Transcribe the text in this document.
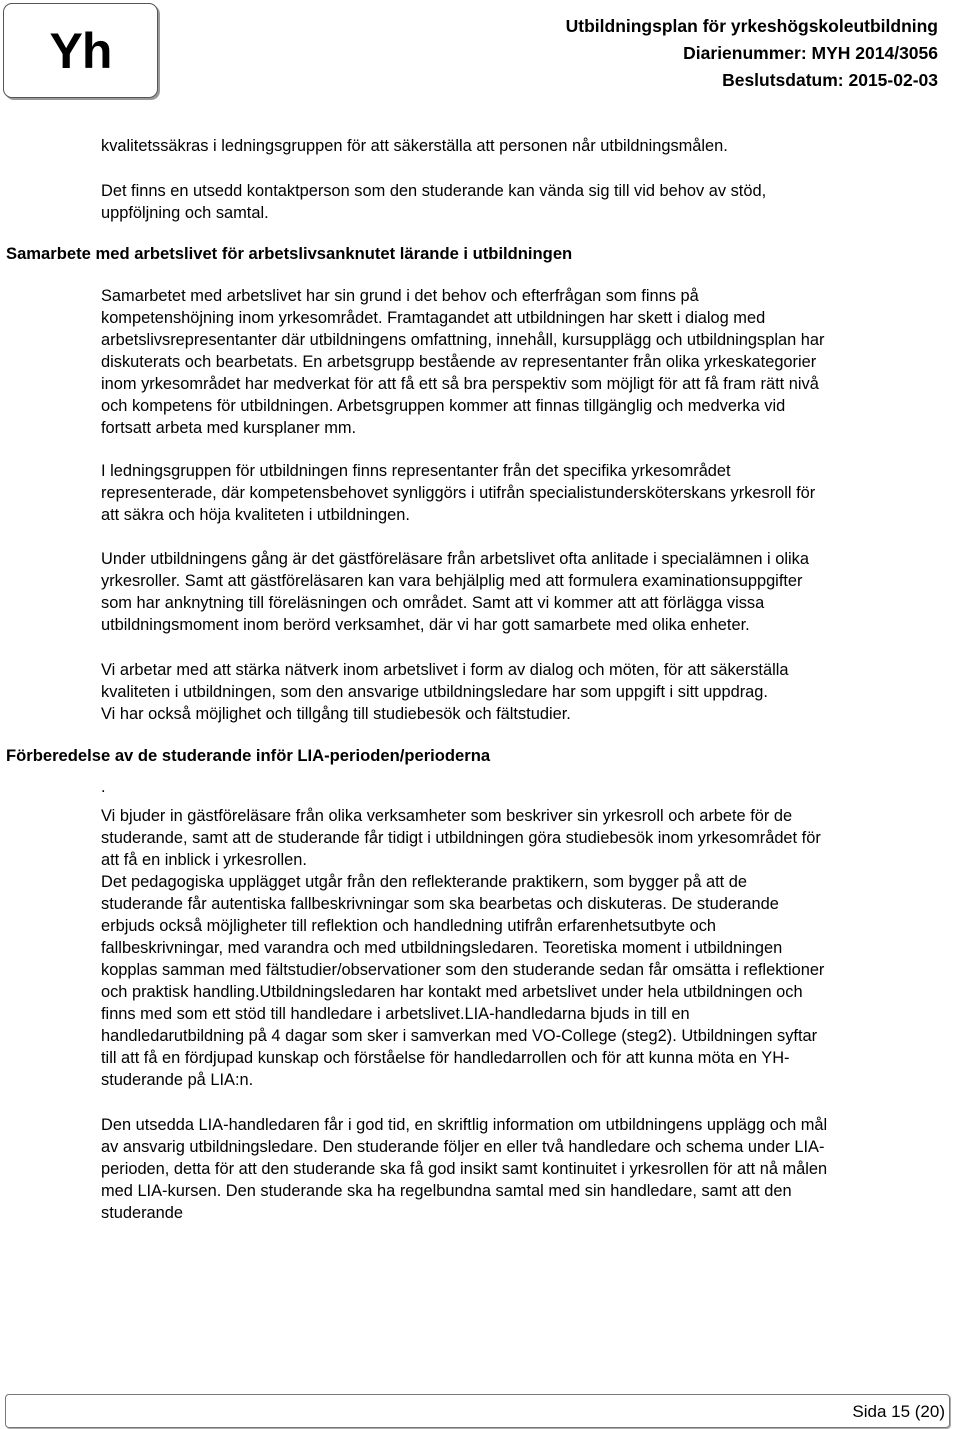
Yh	Utbildningsplan för yrkeshögskoleutbildning
Diarienummer: MYH 2014/3056
Beslutsdatum: 2015-02-03

kvalitetssäkras i ledningsgruppen för att säkerställa att personen når utbildningsmålen.

Det finns en utsedd kontaktperson som den studerande kan vända sig till vid behov av stöd,

uppföljning och samtal.

Samarbete med arbetslivet för arbetslivsanknutet lärande i utbildningen

Samarbetet med arbetslivet har sin grund i det behov och efterfrågan som finns på

kompetenshöjning inom yrkesområdet. Framtagandet att utbildningen har skett i dialog med

arbetslivsrepresentanter där utbildningens omfattning, innehåll, kursupplägg och utbildningsplan har

diskuterats och bearbetats. En arbetsgrupp bestående av representanter från olika yrkeskategorier

inom yrkesområdet har medverkat för att få ett så bra perspektiv som möjligt för att få fram rätt nivå

och kompetens för utbildningen. Arbetsgruppen kommer att finnas tillgänglig och medverka vid

fortsatt arbeta med kursplaner mm.

I ledningsgruppen för utbildningen finns representanter från det specifika yrkesområdet

representerade, där kompetensbehovet synliggörs i utifrån specialistundersköterskans yrkesroll för

att säkra och höja kvaliteten i utbildningen.

Under utbildningens gång är det gästföreläsare från arbetslivet ofta anlitade i specialämnen i olika

yrkesroller. Samt att gästföreläsaren kan vara behjälplig med att formulera examinationsuppgifter

som har anknytning till föreläsningen och området. Samt att vi kommer att att förlägga vissa

utbildningsmoment inom berörd verksamhet, där vi har gott samarbete med olika enheter.

Vi arbetar med att stärka nätverk inom arbetslivet i form av dialog och möten, för att säkerställa

kvaliteten i utbildningen, som den ansvarige utbildningsledare har som uppgift i sitt uppdrag.

Vi har också möjlighet och tillgång till studiebesök och fältstudier.

Förberedelse av de studerande inför LIA-perioden/perioderna

.

Vi bjuder in gästföreläsare från olika verksamheter som beskriver sin yrkesroll och arbete för de

studerande, samt att de studerande får tidigt i utbildningen göra studiebesök inom yrkesområdet för

att få en inblick i yrkesrollen.

Det pedagogiska upplägget utgår från den reflekterande praktikern, som bygger på att de

studerande får autentiska fallbeskrivningar som ska bearbetas och diskuteras. De studerande

erbjuds också möjligheter till reflektion och handledning utifrån erfarenhetsutbyte och

fallbeskrivningar, med varandra och med utbildningsledaren. Teoretiska moment i utbildningen

kopplas samman med fältstudier/observationer som den studerande sedan får omsätta i reflektioner

och praktisk handling.Utbildningsledaren har kontakt med arbetslivet under hela utbildningen och

finns med som ett stöd till handledare i arbetslivet.LIA-handledarna bjuds in till en

handledarutbildning på 4 dagar som sker i samverkan med VO-College (steg2). Utbildningen syftar

till att få en fördjupad kunskap och förståelse för handledarrollen och för att kunna möta en YH-

studerande på LIA:n.

Den utsedda LIA-handledaren får i god tid, en skriftlig information om utbildningens upplägg och mål

av ansvarig utbildningsledare. Den studerande följer en eller två handledare och schema under LIA-

perioden, detta för att den studerande ska få god insikt samt kontinuitet i yrkesrollen för att nå målen

med LIA-kursen. Den studerande ska ha regelbundna samtal med sin handledare, samt att den

studerande

Sida 15 (20)
